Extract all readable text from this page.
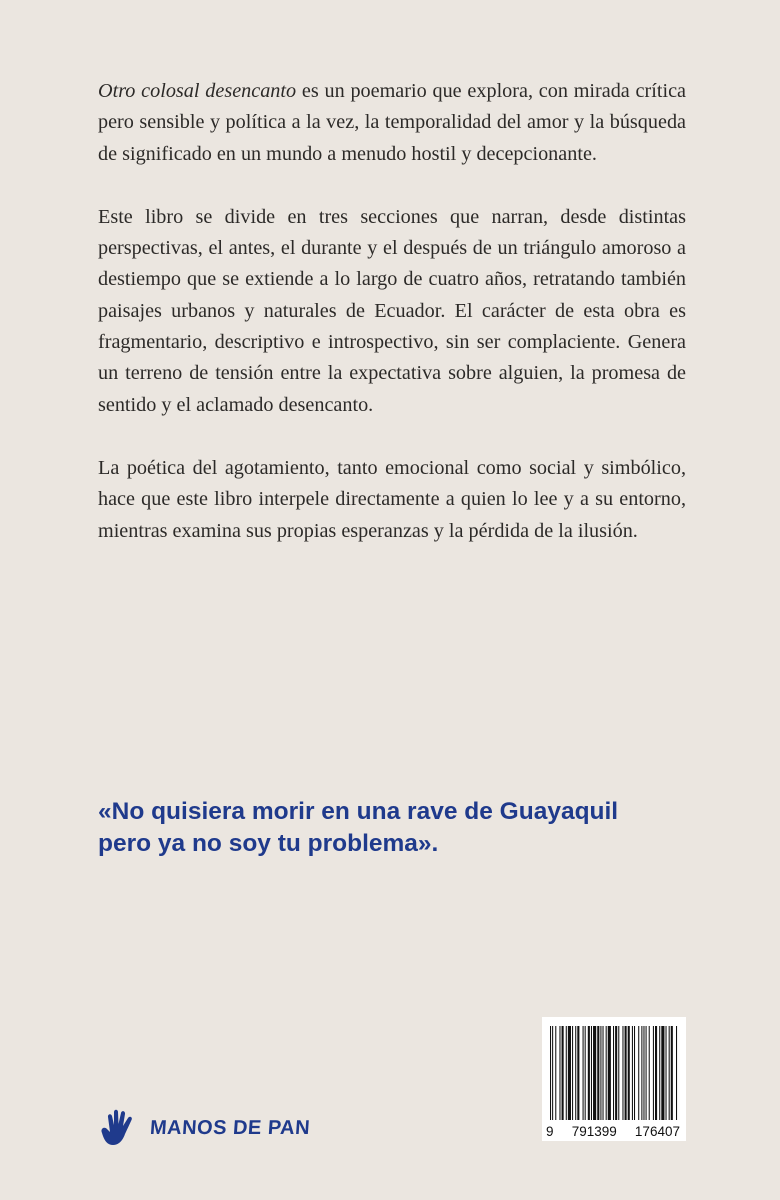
Otro colosal desencanto es un poemario que explora, con mirada crítica pero sensible y política a la vez, la temporalidad del amor y la búsqueda de significado en un mundo a menudo hostil y decepcionante.

Este libro se divide en tres secciones que narran, desde distintas perspectivas, el antes, el durante y el después de un triángulo amoroso a destiempo que se extiende a lo largo de cuatro años, retratando también paisajes urbanos y naturales de Ecuador. El carácter de esta obra es fragmentario, descriptivo e introspectivo, sin ser complaciente. Genera un terreno de tensión entre la expectativa sobre alguien, la promesa de sentido y el aclamado desencanto.

La poética del agotamiento, tanto emocional como social y simbólico, hace que este libro interpele directamente a quien lo lee y a su entorno, mientras examina sus propias esperanzas y la pérdida de la ilusión.

«No quisiera morir en una rave de Guayaquil
pero ya no soy tu problema».
MANOS DE PAN	9 791399 176407
